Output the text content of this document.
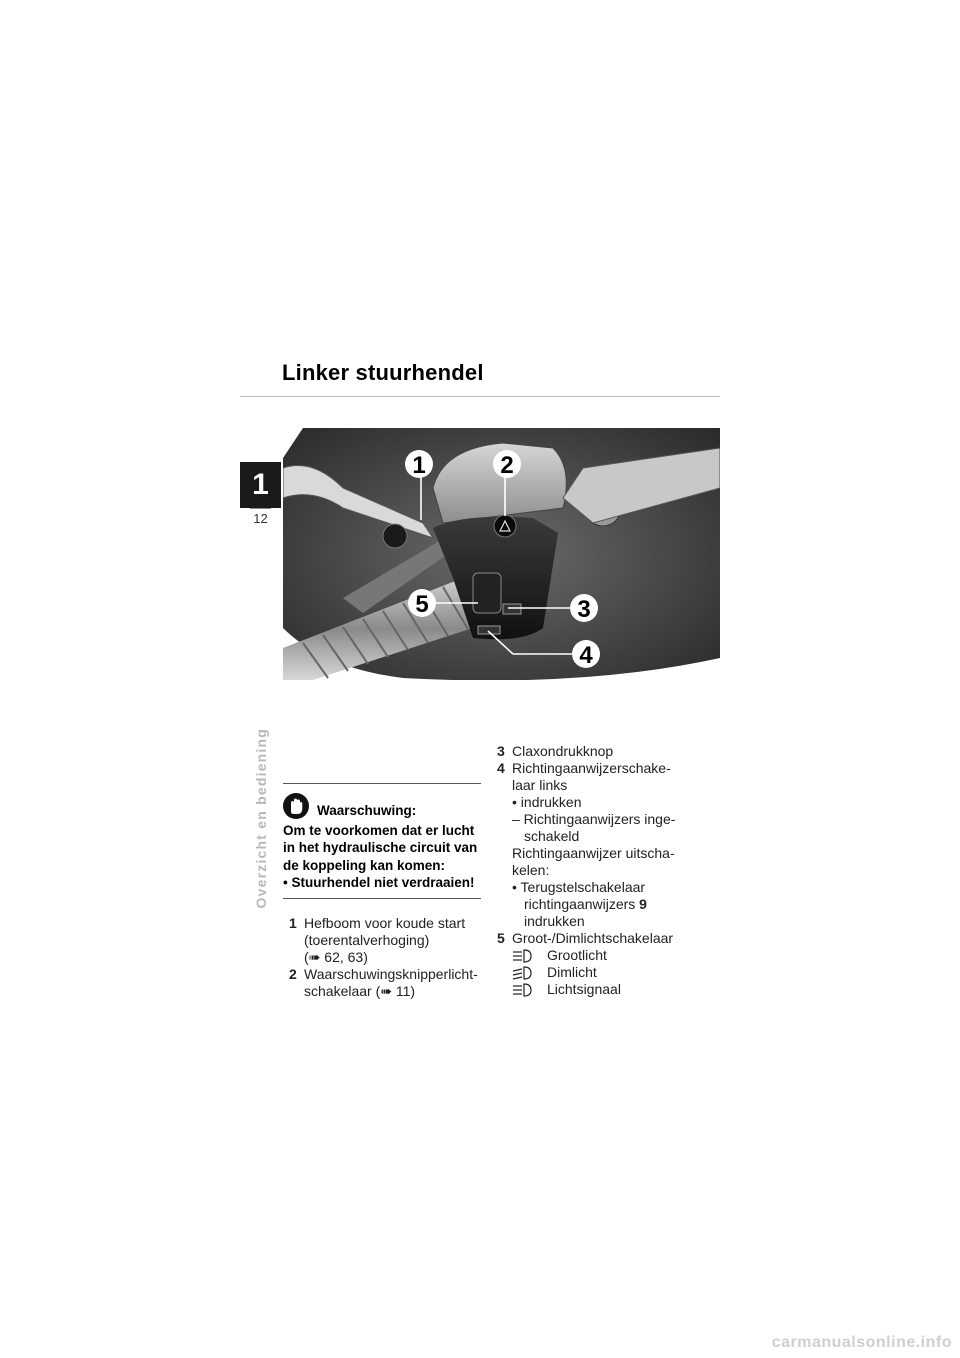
Linker stuurhendel
1
12
Overzicht en bediening
1	2
3
4
5
Waarschuwing:
Om te voorkomen dat er lucht in het hydraulische circuit van de koppeling kan komen:
• Stuurhendel niet verdraaien!
1 Hefboom voor koude start
(toerentalverhoging)
(➠ 62, 63)
2 Waarschuwingsknipperlicht-
schakelaar (➠ 11)
3 Claxondrukknop
4 Richtingaanwijzerschake-
laar links
• indrukken
– Richtingaanwijzers inge-
schakeld
Richtingaanwijzer uitscha-
kelen:
• Terugstelschakelaar
richtingaanwijzers 9
indrukken
5 Groot-/Dimlichtschakelaar
Grootlicht
Dimlicht
Lichtsignaal
carmanualsonline.info
